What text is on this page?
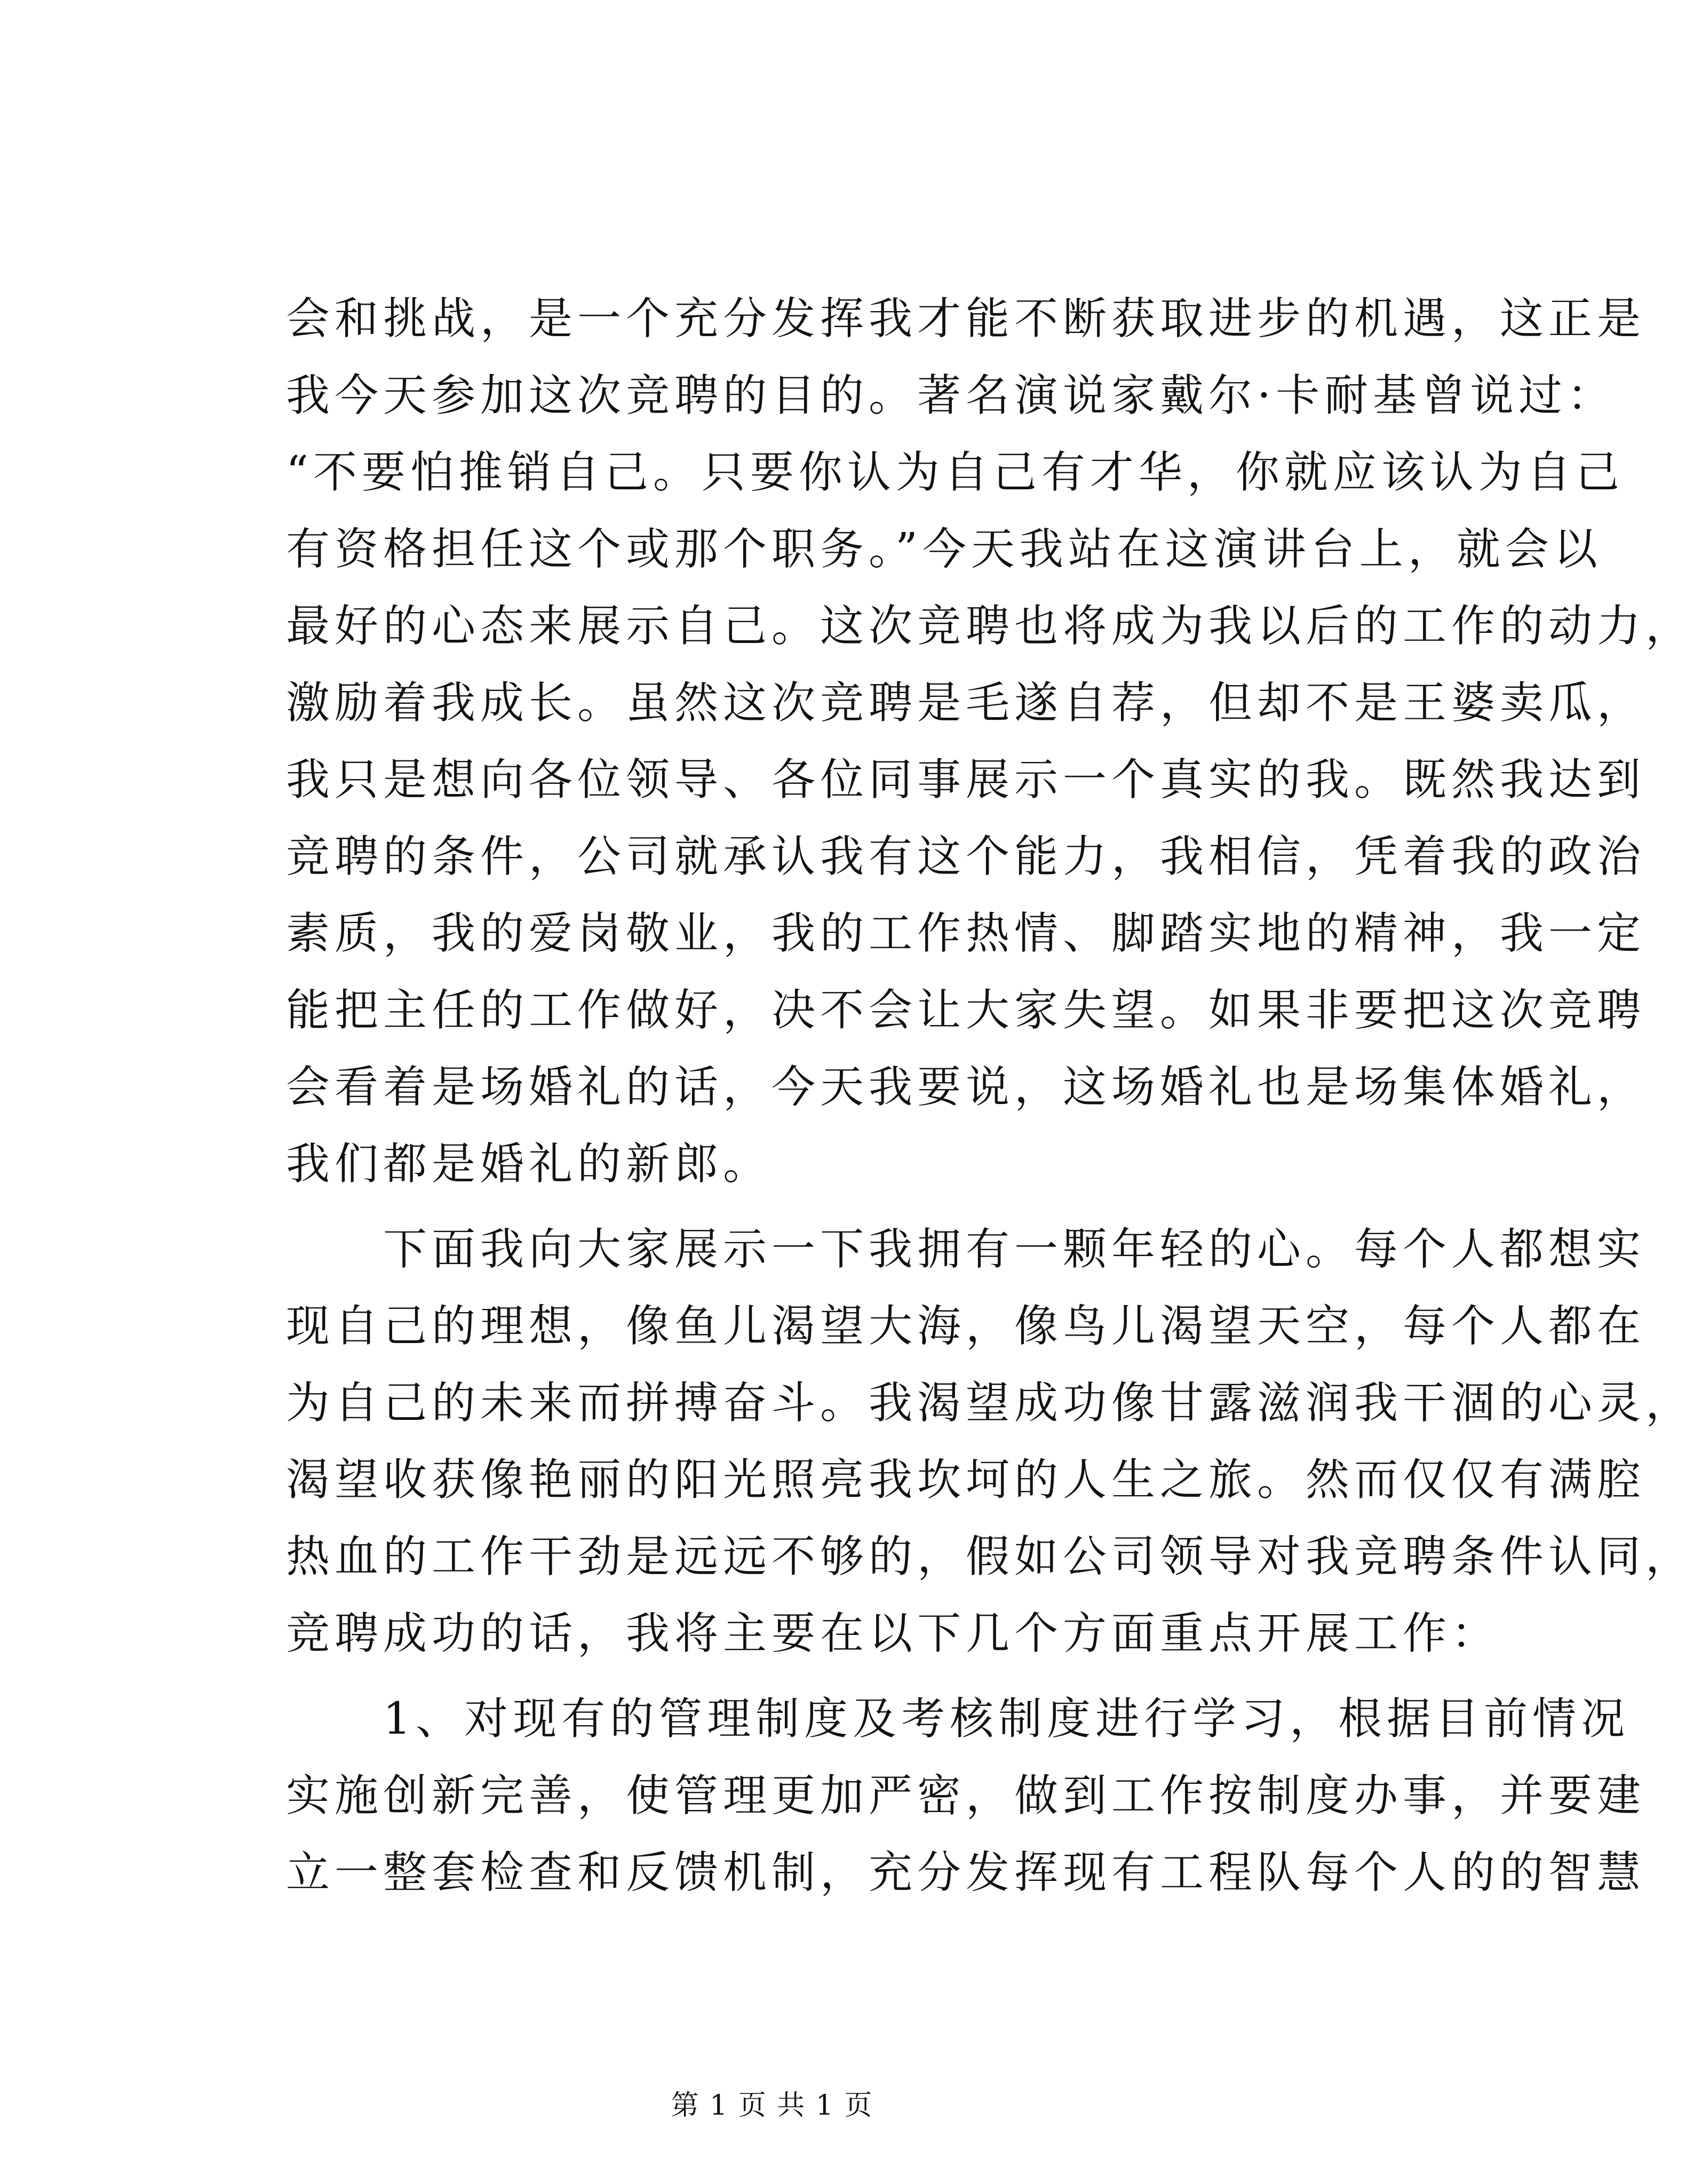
会和挑战，是一个充分发挥我才能不断获取进步的机遇，这正是
我今天参加这次竞聘的目的。著名演说家戴尔·卡耐基曾说过：
“不要怕推销自己。只要你认为自己有才华，你就应该认为自己
有资格担任这个或那个职务。”今天我站在这演讲台上，就会以
最好的心态来展示自己。这次竞聘也将成为我以后的工作的动力，
激励着我成长。虽然这次竞聘是毛遂自荐，但却不是王婆卖瓜，
我只是想向各位领导、各位同事展示一个真实的我。既然我达到
竞聘的条件，公司就承认我有这个能力，我相信，凭着我的政治
素质，我的爱岗敬业，我的工作热情、脚踏实地的精神，我一定
能把主任的工作做好，决不会让大家失望。如果非要把这次竞聘
会看着是场婚礼的话，今天我要说，这场婚礼也是场集体婚礼，
我们都是婚礼的新郎。
　　下面我向大家展示一下我拥有一颗年轻的心。每个人都想实
现自己的理想，像鱼儿渴望大海，像鸟儿渴望天空，每个人都在
为自己的未来而拼搏奋斗。我渴望成功像甘露滋润我干涸的心灵，
渴望收获像艳丽的阳光照亮我坎坷的人生之旅。然而仅仅有满腔
热血的工作干劲是远远不够的，假如公司领导对我竞聘条件认同，
竞聘成功的话，我将主要在以下几个方面重点开展工作：
　　1、对现有的管理制度及考核制度进行学习，根据目前情况
实施创新完善，使管理更加严密，做到工作按制度办事，并要建
立一整套检查和反馈机制，充分发挥现有工程队每个人的的智慧
第 1 页 共 1 页
